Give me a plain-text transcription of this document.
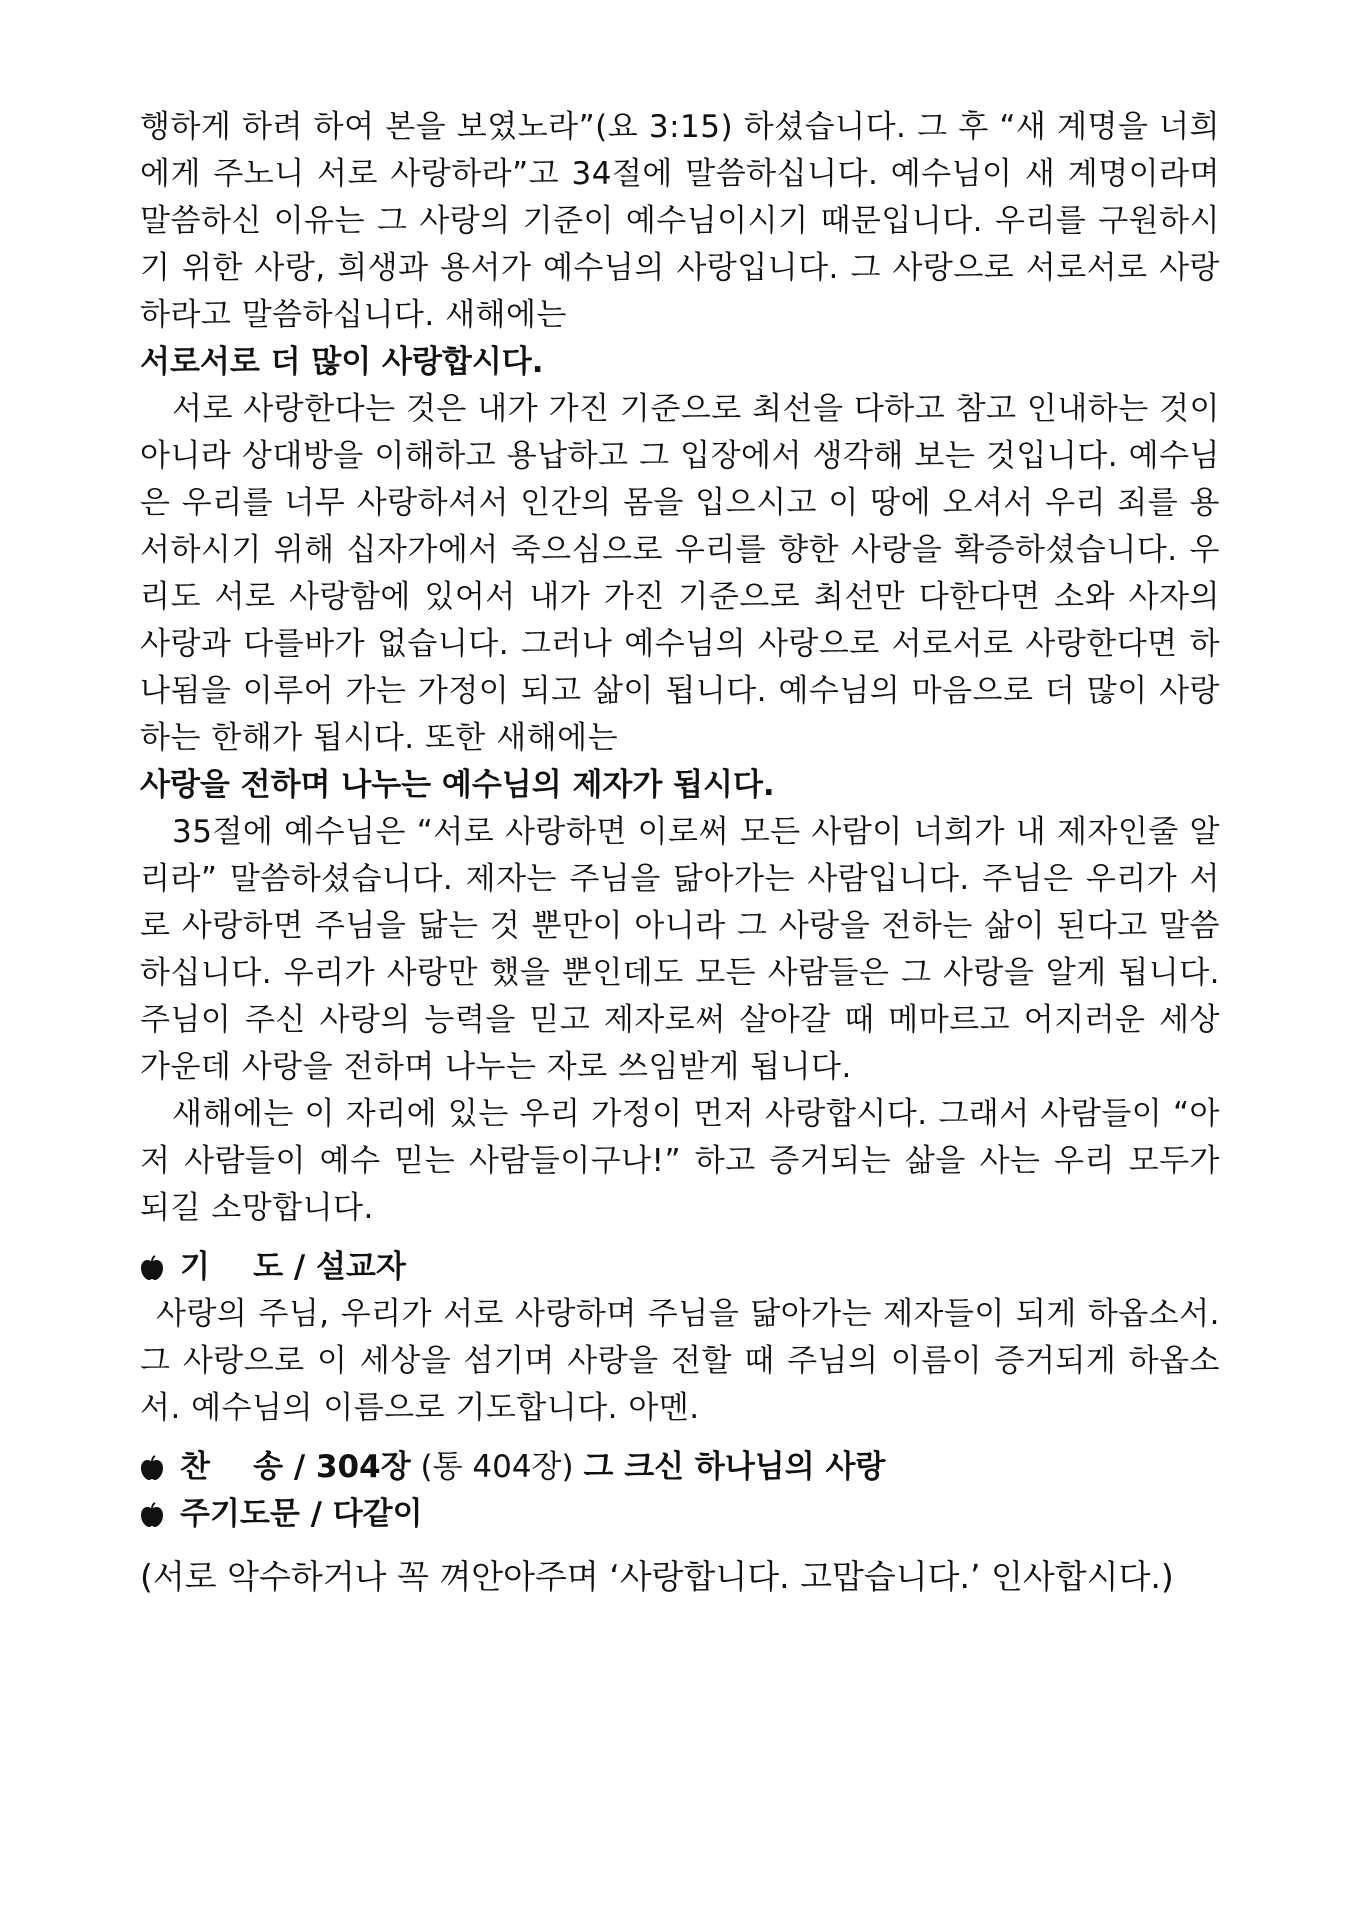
행하게 하려 하여 본을 보였노라”(요 3:15) 하셨습니다. 그 후 “새 계명을 너희에게 주노니 서로 사랑하라”고 34절에 말씀하십니다. 예수님이 새 계명이라며 말씀하신 이유는 그 사랑의 기준이 예수님이시기 때문입니다. 우리를 구원하시기 위한 사랑, 희생과 용서가 예수님의 사랑입니다. 그 사랑으로 서로서로 사랑하라고 말씀하십니다. 새해에는

서로서로 더 많이 사랑합시다.

서로 사랑한다는 것은 내가 가진 기준으로 최선을 다하고 참고 인내하는 것이 아니라 상대방을 이해하고 용납하고 그 입장에서 생각해 보는 것입니다. 예수님은 우리를 너무 사랑하셔서 인간의 몸을 입으시고 이 땅에 오셔서 우리 죄를 용서하시기 위해 십자가에서 죽으심으로 우리를 향한 사랑을 확증하셨습니다. 우리도 서로 사랑함에 있어서 내가 가진 기준으로 최선만 다한다면 소와 사자의 사랑과 다를바가 없습니다. 그러나 예수님의 사랑으로 서로서로 사랑한다면 하나됨을 이루어 가는 가정이 되고 삶이 됩니다. 예수님의 마음으로 더 많이 사랑하는 한해가 됩시다. 또한 새해에는

사랑을 전하며 나누는 예수님의 제자가 됩시다.

35절에 예수님은 “서로 사랑하면 이로써 모든 사람이 너희가 내 제자인줄 알리라” 말씀하셨습니다. 제자는 주님을 닮아가는 사람입니다. 주님은 우리가 서로 사랑하면 주님을 닮는 것 뿐만이 아니라 그 사랑을 전하는 삶이 된다고 말씀하십니다. 우리가 사랑만 했을 뿐인데도 모든 사람들은 그 사랑을 알게 됩니다. 주님이 주신 사랑의 능력을 믿고 제자로써 살아갈 때 메마르고 어지러운 세상 가운데 사랑을 전하며 나누는 자로 쓰임받게 됩니다.

새해에는 이 자리에 있는 우리 가정이 먼저 사랑합시다. 그래서 사람들이 “아 저 사람들이 예수 믿는 사람들이구나!” 하고 증거되는 삶을 사는 우리 모두가 되길 소망합니다.

기    도 / 설교자

사랑의 주님, 우리가 서로 사랑하며 주님을 닮아가는 제자들이 되게 하옵소서. 그 사랑으로 이 세상을 섬기며 사랑을 전할 때 주님의 이름이 증거되게 하옵소서. 예수님의 이름으로 기도합니다. 아멘.

찬    송 / 304장 (통 404장) 그 크신 하나님의 사랑
주기도문 / 다같이

(서로 악수하거나 꼭 껴안아주며 ‘사랑합니다. 고맙습니다.’ 인사합시다.)
